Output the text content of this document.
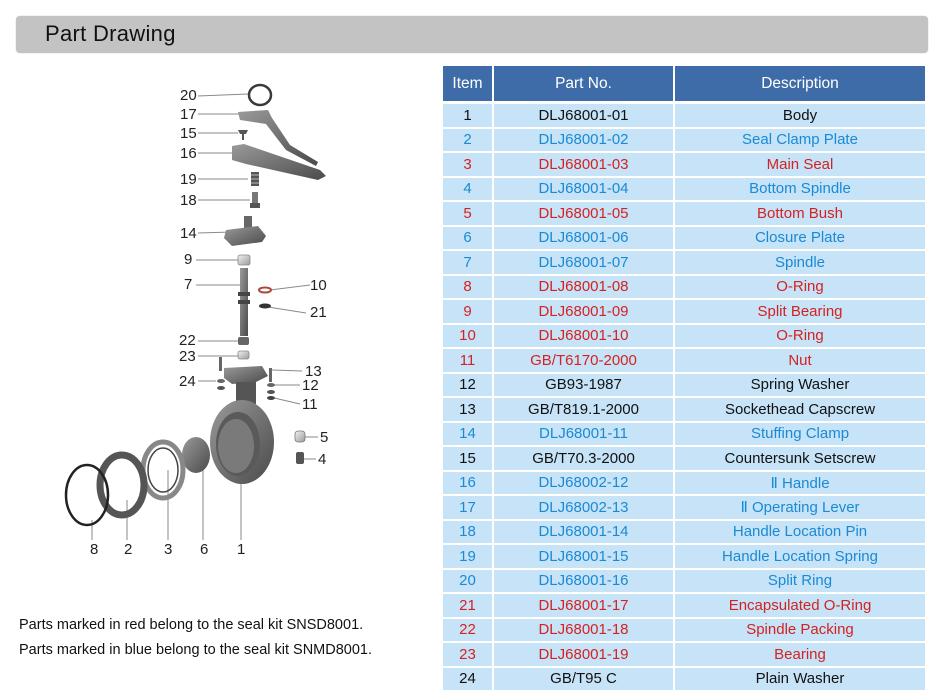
Part Drawing
20
17
15
16
19
18
14
9
7	10
21
22
23
24
13
12
11
5
4
8 2 3 6 1
Parts marked in red belong to the seal kit SNSD8001.
Parts marked in blue belong to the seal kit SNMD8001.
Item	Part No.	Description
1	DLJ68001-01	Body
2	DLJ68001-02	Seal Clamp Plate
3	DLJ68001-03	Main Seal
4	DLJ68001-04	Bottom Spindle
5	DLJ68001-05	Bottom Bush
6	DLJ68001-06	Closure Plate
7	DLJ68001-07	Spindle
8	DLJ68001-08	O-Ring
9	DLJ68001-09	Split Bearing
10	DLJ68001-10	O-Ring
11	GB/T6170-2000	Nut
12	GB93-1987	Spring Washer
13	GB/T819.1-2000	Sockethead Capscrew
14	DLJ68001-11	Stuffing Clamp
15	GB/T70.3-2000	Countersunk Setscrew
16	DLJ68002-12	Ⅱ Handle
17	DLJ68002-13	Ⅱ Operating Lever
18	DLJ68001-14	Handle Location Pin
19	DLJ68001-15	Handle Location Spring
20	DLJ68001-16	Split Ring
21	DLJ68001-17	Encapsulated O-Ring
22	DLJ68001-18	Spindle Packing
23	DLJ68001-19	Bearing
24	GB/T95 C	Plain Washer
